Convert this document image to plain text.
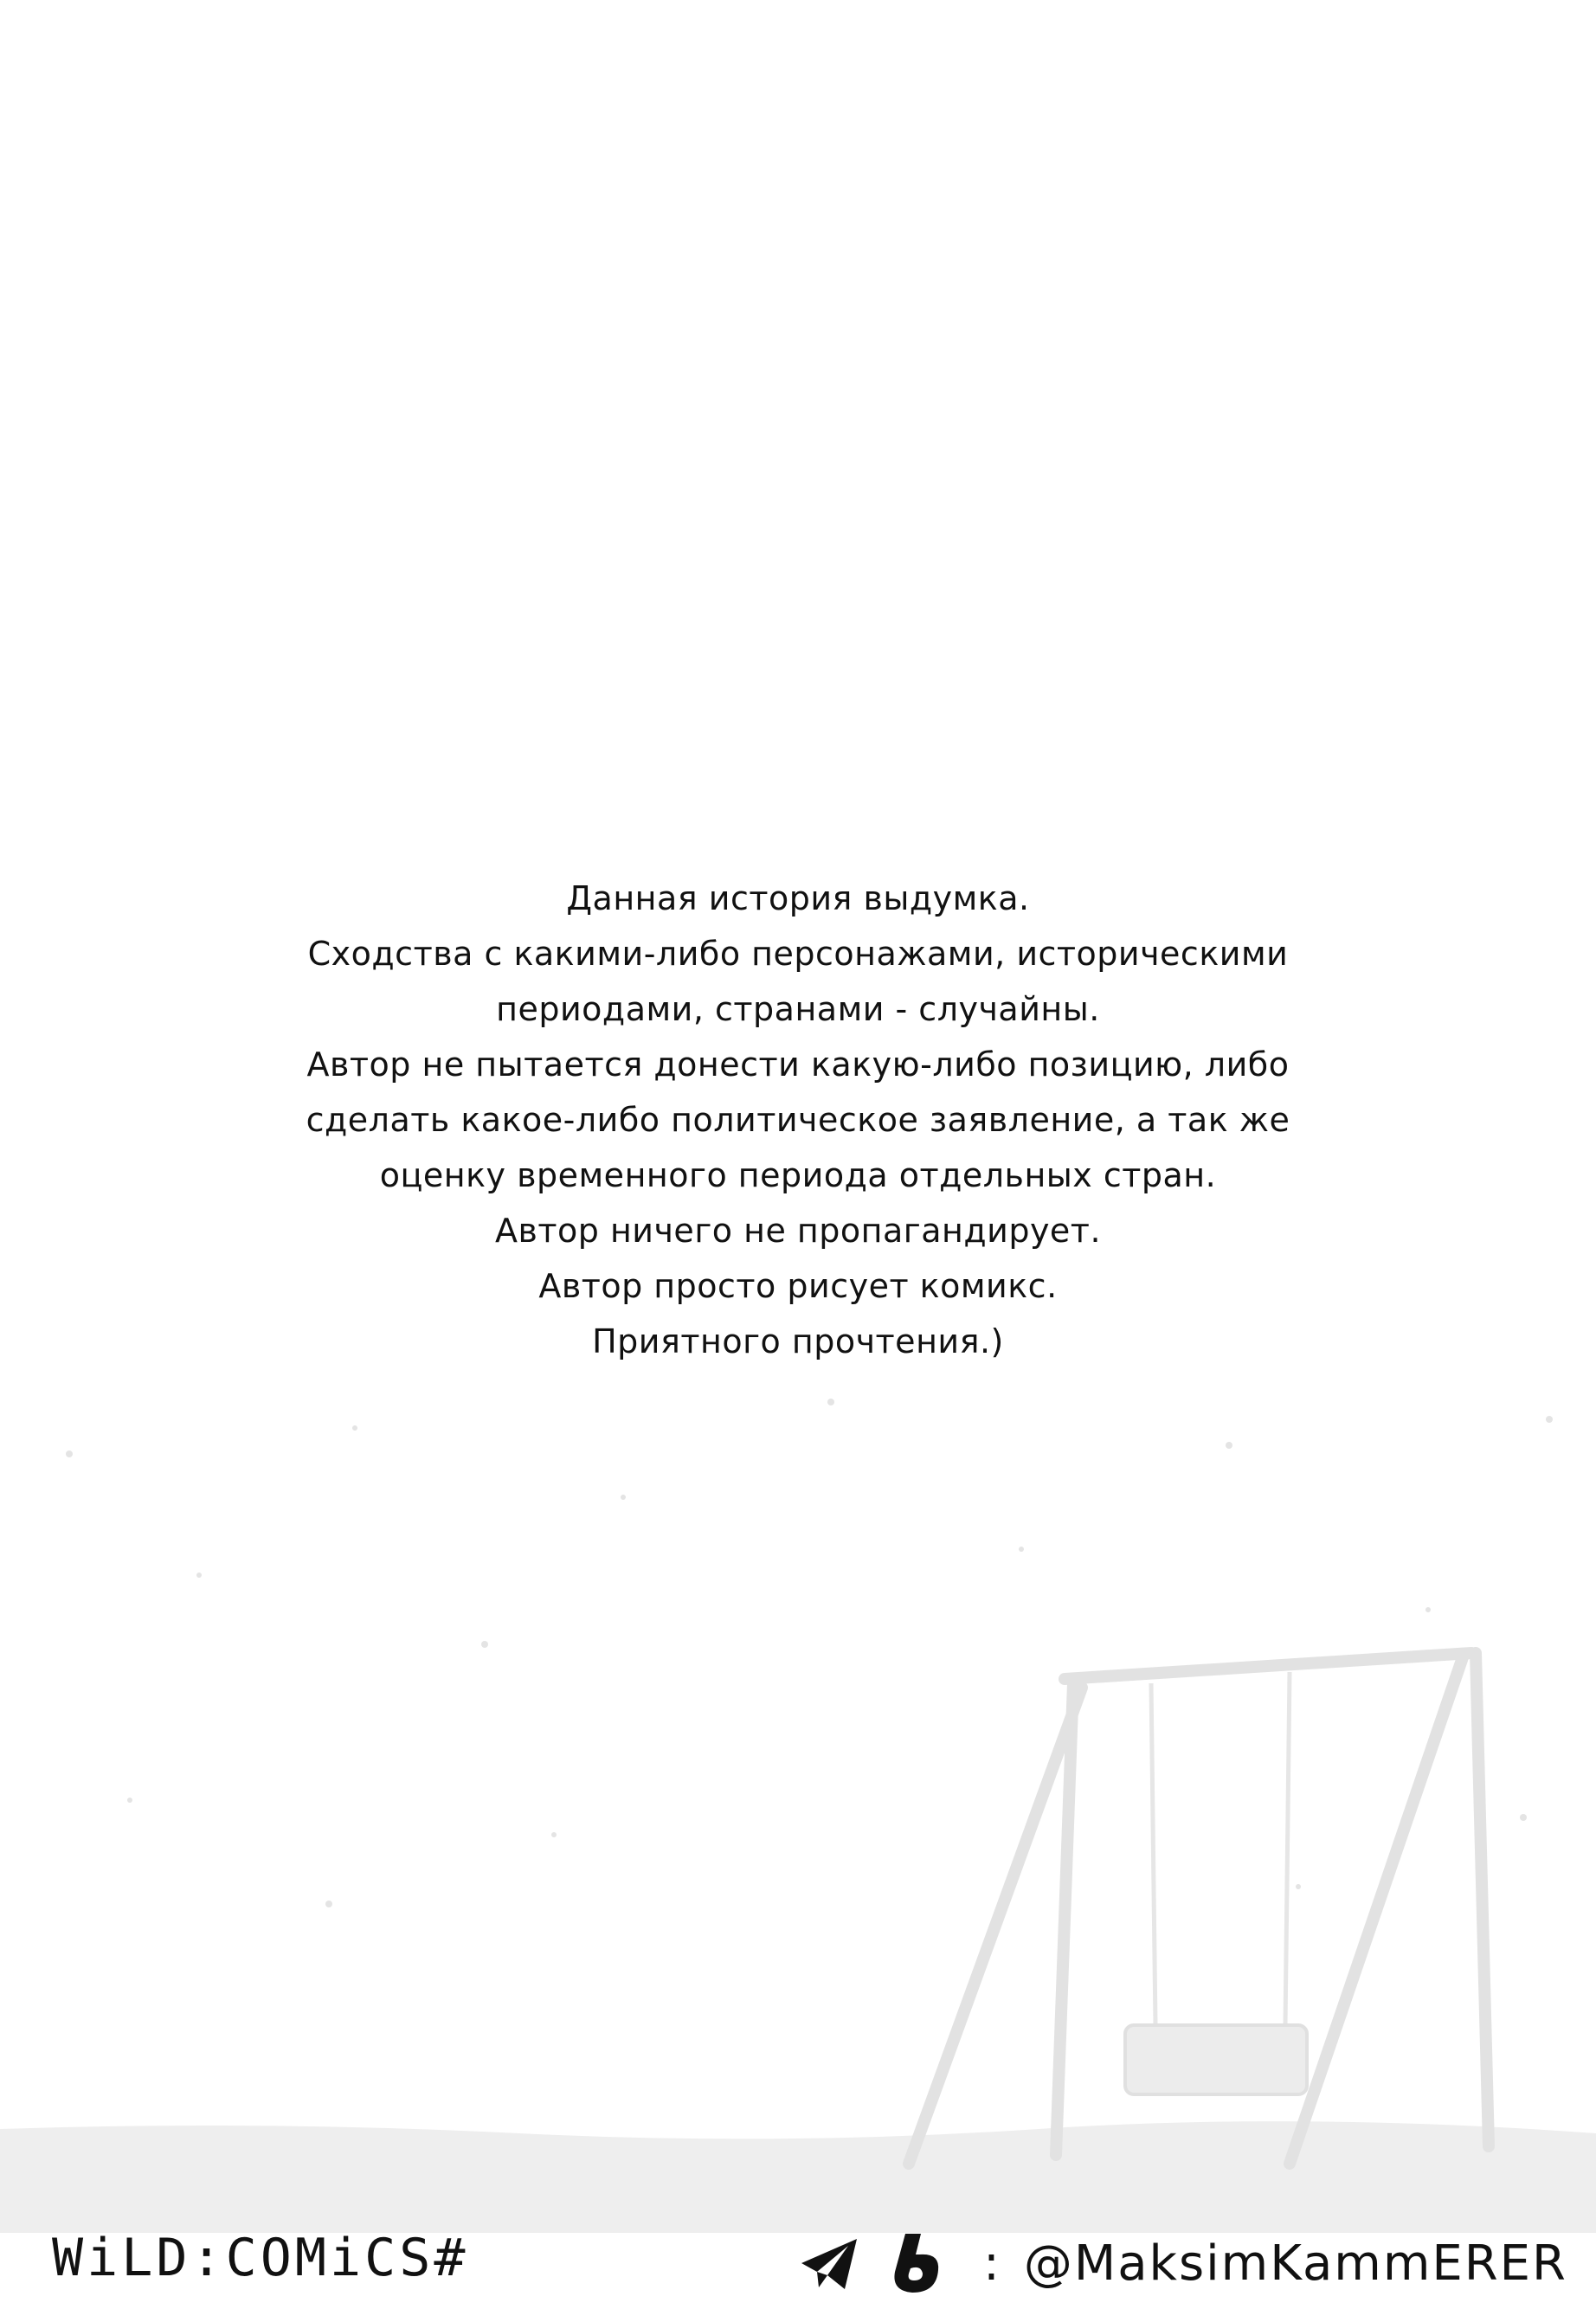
Данная история выдумка.
Сходства с какими-либо персонажами, историческими
периодами, странами - случайны.
Автор не пытается донести какую-либо позицию, либо
сделать какое-либо политическое заявление, а так же
оценку временного периода отдельных стран.
Автор ничего не пропагандирует.
Автор просто рисует комикс.
Приятного прочтения.)
WiLD:COMiCS#	: @MaksimKammERER
